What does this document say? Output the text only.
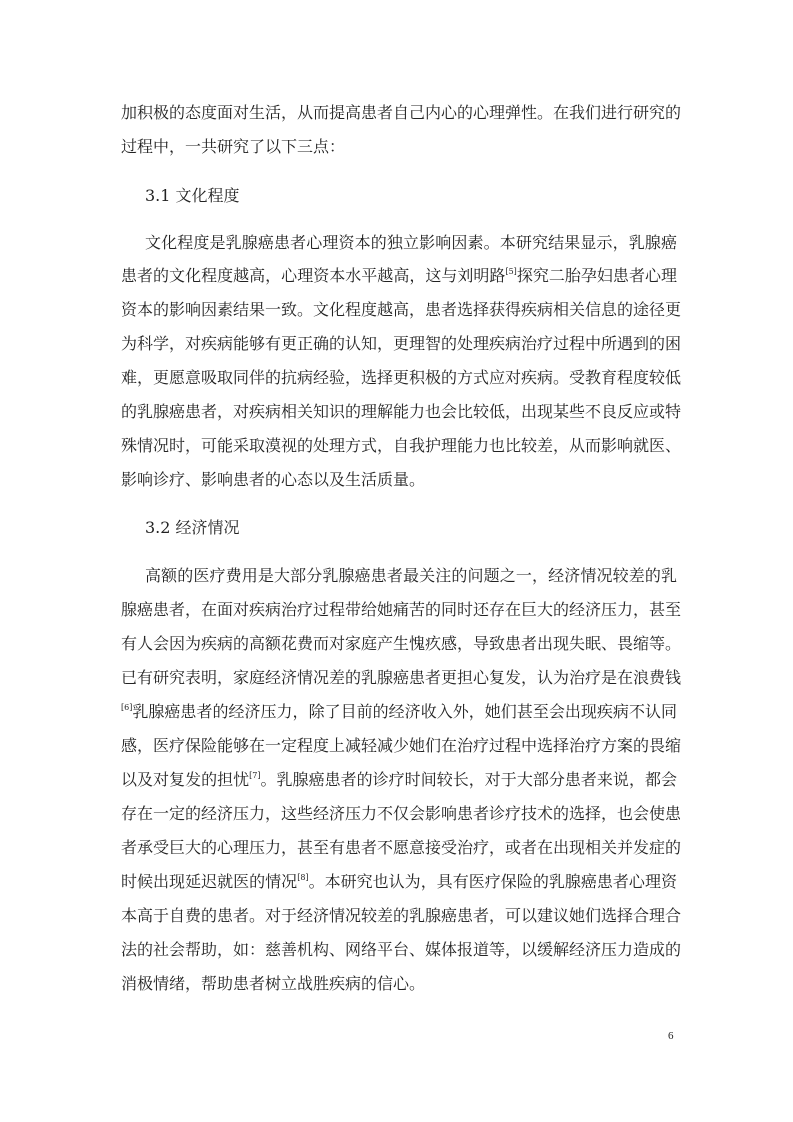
加积极的态度面对生活，从而提高患者自己内心的心理弹性。在我们进行研究的
过程中，一共研究了以下三点：
3.1 文化程度
文化程度是乳腺癌患者心理资本的独立影响因素。本研究结果显示，乳腺癌
患者的文化程度越高，心理资本水平越高，这与刘明路[5]探究二胎孕妇患者心理
资本的影响因素结果一致。文化程度越高，患者选择获得疾病相关信息的途径更
为科学，对疾病能够有更正确的认知，更理智的处理疾病治疗过程中所遇到的困
难，更愿意吸取同伴的抗病经验，选择更积极的方式应对疾病。受教育程度较低
的乳腺癌患者，对疾病相关知识的理解能力也会比较低，出现某些不良反应或特
殊情况时，可能采取漠视的处理方式，自我护理能力也比较差，从而影响就医、
影响诊疗、影响患者的心态以及生活质量。
3.2 经济情况
高额的医疗费用是大部分乳腺癌患者最关注的问题之一，经济情况较差的乳
腺癌患者，在面对疾病治疗过程带给她痛苦的同时还存在巨大的经济压力，甚至
有人会因为疾病的高额花费而对家庭产生愧疚感，导致患者出现失眠、畏缩等。
已有研究表明，家庭经济情况差的乳腺癌患者更担心复发，认为治疗是在浪费钱
[6]乳腺癌患者的经济压力，除了目前的经济收入外，她们甚至会出现疾病不认同
感，医疗保险能够在一定程度上减轻减少她们在治疗过程中选择治疗方案的畏缩
以及对复发的担忧[7]。乳腺癌患者的诊疗时间较长，对于大部分患者来说，都会
存在一定的经济压力，这些经济压力不仅会影响患者诊疗技术的选择，也会使患
者承受巨大的心理压力，甚至有患者不愿意接受治疗，或者在出现相关并发症的
时候出现延迟就医的情况[8]。本研究也认为，具有医疗保险的乳腺癌患者心理资
本高于自费的患者。对于经济情况较差的乳腺癌患者，可以建议她们选择合理合
法的社会帮助，如：慈善机构、网络平台、媒体报道等，以缓解经济压力造成的
消极情绪，帮助患者树立战胜疾病的信心。
6
